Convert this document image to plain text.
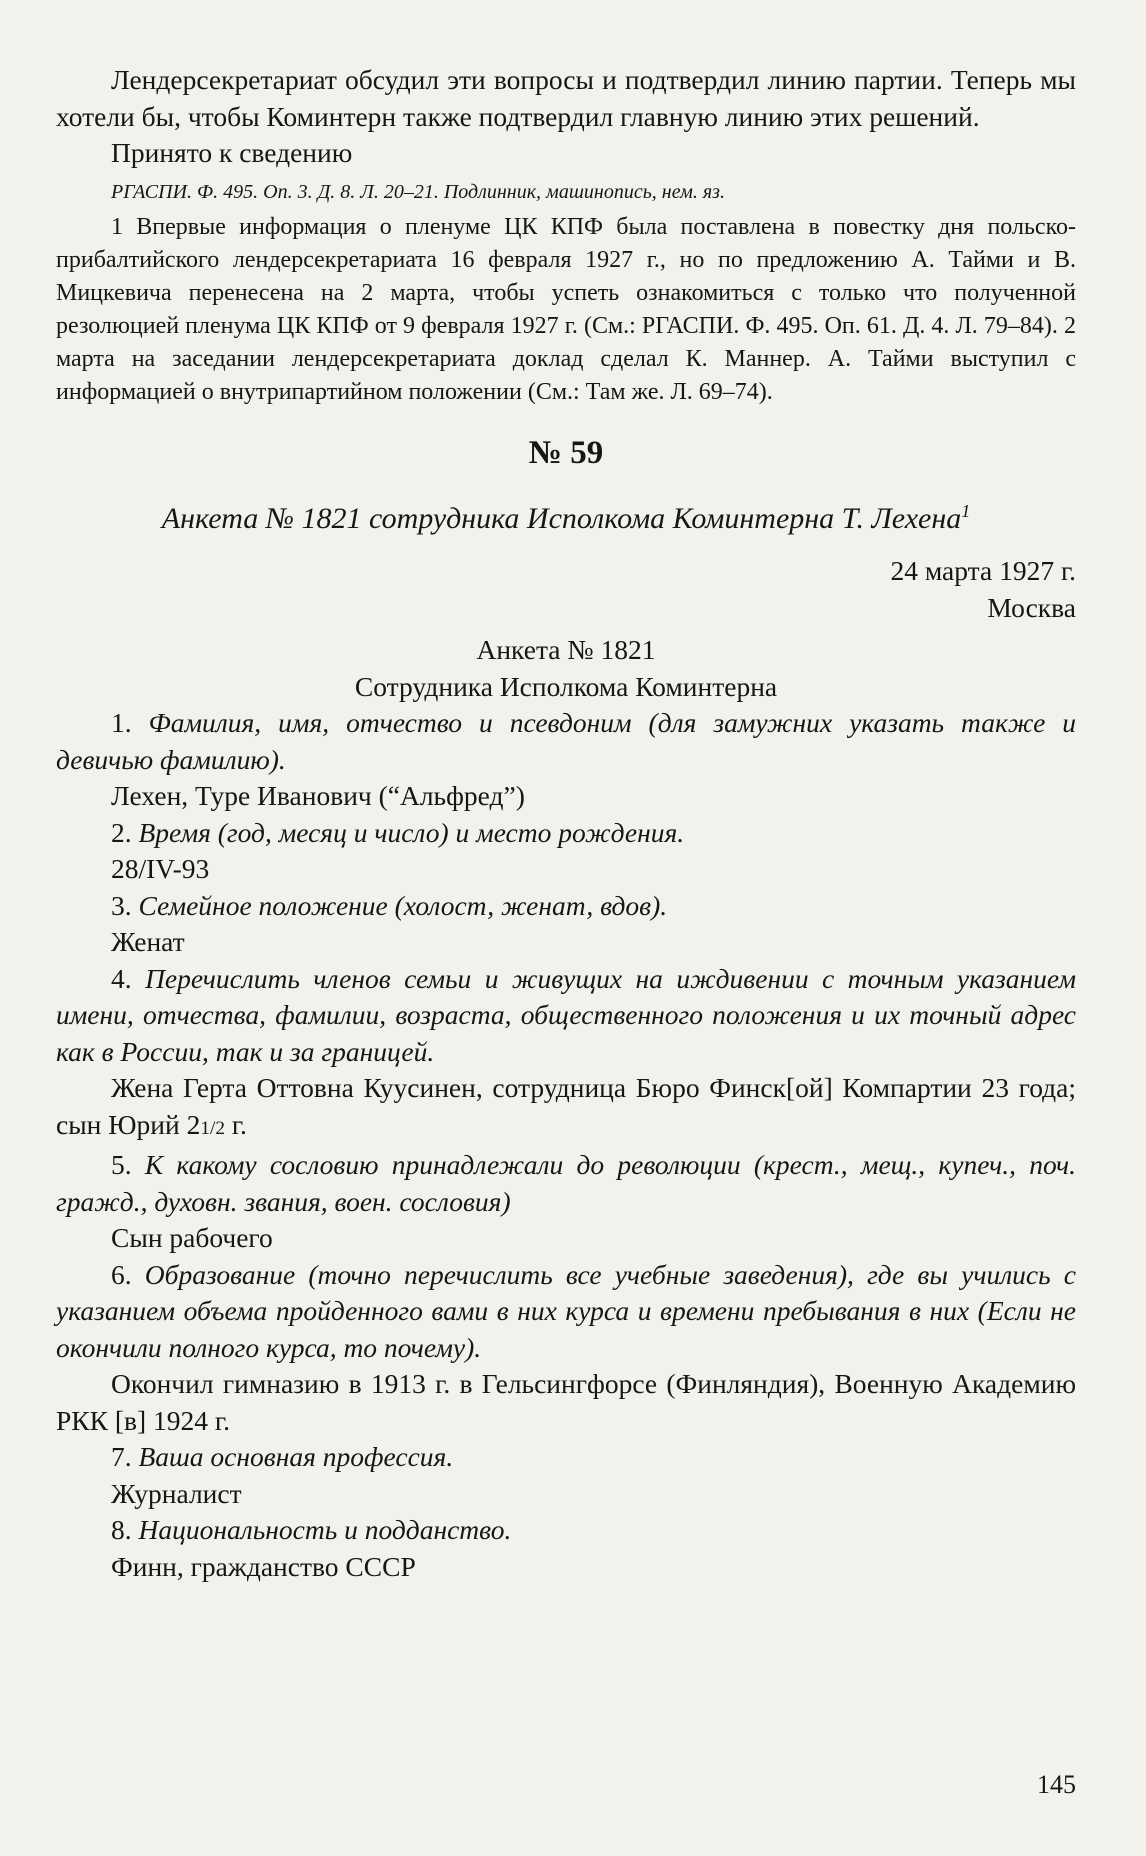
Лендерсекретариат обсудил эти вопросы и подтвердил линию партии. Теперь мы хотели бы, чтобы Коминтерн также подтвердил главную линию этих решений.

Принято к сведению

РГАСПИ. Ф. 495. Оп. 3. Д. 8. Л. 20–21. Подлинник, машинопись, нем. яз.

1 Впервые информация о пленуме ЦК КПФ была поставлена в повестку дня польско-прибалтийского лендерсекретариата 16 февраля 1927 г., но по предложению А. Тайми и В. Мицкевича перенесена на 2 марта, чтобы успеть ознакомиться с только что полученной резолюцией пленума ЦК КПФ от 9 февраля 1927 г. (См.: РГАСПИ. Ф. 495. Оп. 61. Д. 4. Л. 79–84). 2 марта на заседании лендерсекретариата доклад сделал К. Маннер. А. Тайми выступил с информацией о внутрипартийном положении (См.: Там же. Л. 69–74).

№ 59

Анкета № 1821 сотрудника Исполкома Коминтерна Т. Лехена$^1$

24 марта 1927 г.

Москва

Анкета № 1821

Сотрудника Исполкома Коминтерна

1. Фамилия, имя, отчество и псевдоним (для замужних указать также и девичью фамилию).

Лехен, Туре Иванович (“Альфред”)

2. Время (год, месяц и число) и место рождения.

28/IV-93

3. Семейное положение (холост, женат, вдов).

Женат

4. Перечислить членов семьи и живущих на иждивении с точным указанием имени, отчества, фамилии, возраста, общественного положения и их точный адрес как в России, так и за границей.

Жена Герта Оттовна Куусинен, сотрудница Бюро Финск[ой] Компартии 23 года; сын Юрий 21/2 г.

5. К какому сословию принадлежали до революции (крест., мещ., купеч., поч. гражд., духовн. звания, воен. сословия)

Сын рабочего

6. Образование (точно перечислить все учебные заведения), где вы учились с указанием объема пройденного вами в них курса и времени пребывания в них (Если не окончили полного курса, то почему).

Окончил гимназию в 1913 г. в Гельсингфорсе (Финляндия), Военную Академию РКК [в] 1924 г.

7. Ваша основная профессия.

Журналист

8. Национальность и подданство.

Финн, гражданство СССР

145
